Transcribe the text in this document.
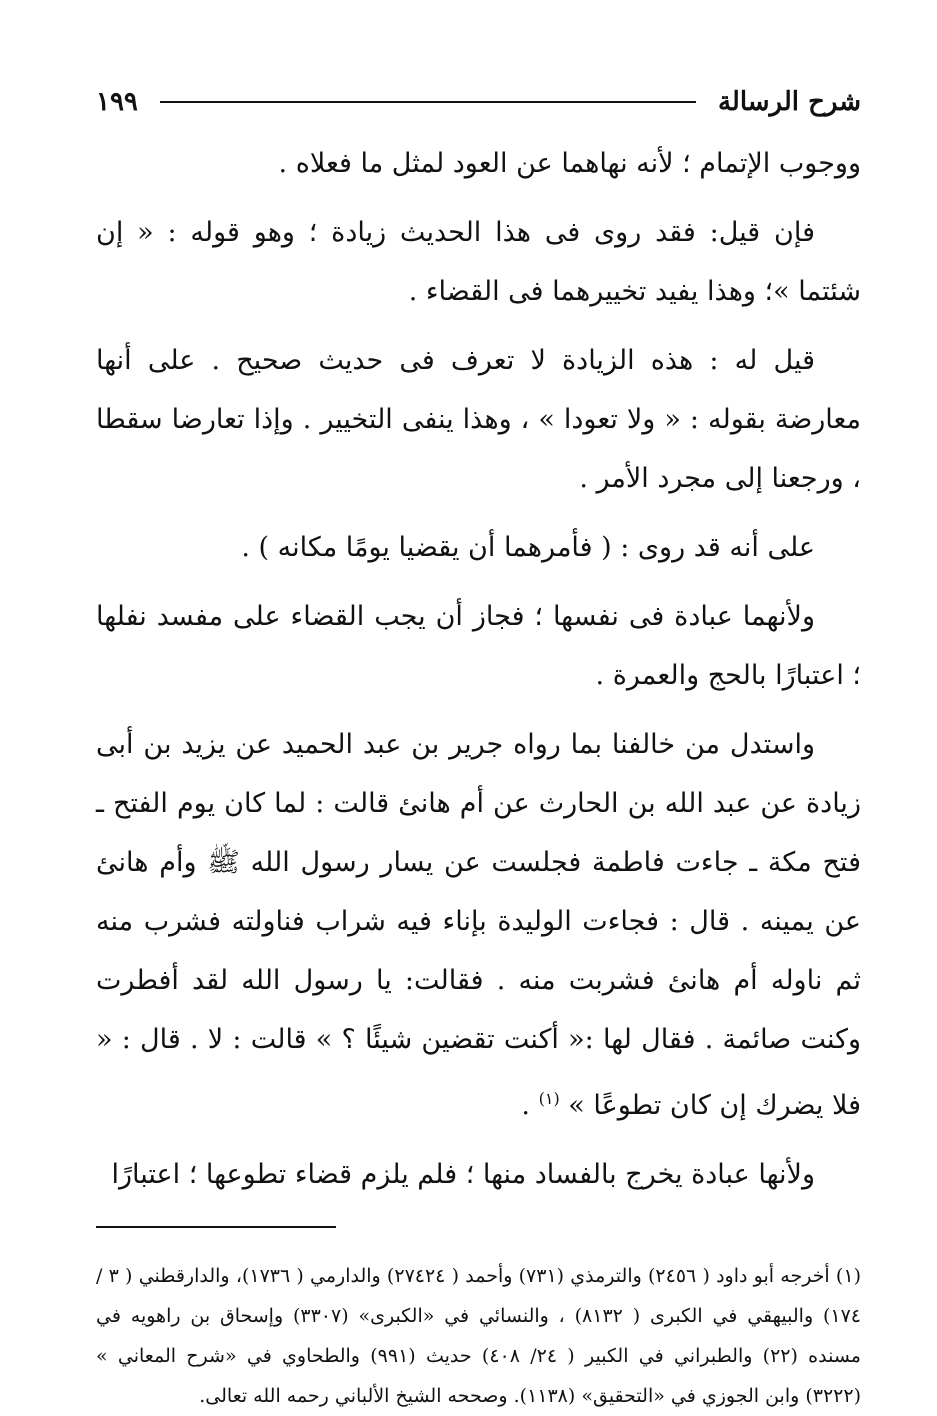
شرح الرسالة
١٩٩

ووجوب الإتمام ؛ لأنه نهاهما عن العود لمثل ما فعلاه .

فإن قيل: فقد روى فى هذا الحديث زيادة ؛ وهو قوله : « إن شئتما »؛ وهذا يفيد تخييرهما فى القضاء .

قيل له : هذه الزيادة لا تعرف فى حديث صحيح . على أنها معارضة بقوله : « ولا تعودا » ، وهذا ينفى التخيير . وإذا تعارضا سقطا ، ورجعنا إلى مجرد الأمر .

على أنه قد روى : ( فأمرهما أن يقضيا يومًا مكانه ) .

ولأنهما عبادة فى نفسها ؛ فجاز أن يجب القضاء على مفسد نفلها ؛ اعتبارًا بالحج والعمرة .

واستدل من خالفنا بما رواه جرير بن عبد الحميد عن يزيد بن أبى زيادة عن عبد الله بن الحارث عن أم هانئ قالت : لما كان يوم الفتح ـ فتح مكة ـ جاءت فاطمة فجلست عن يسار رسول الله ﷺ وأم هانئ عن يمينه . قال : فجاءت الوليدة بإناء فيه شراب فناولته فشرب منه ثم ناوله أم هانئ فشربت منه . فقالت: يا رسول الله لقد أفطرت وكنت صائمة . فقال لها :« أكنت تقضين شيئًا ؟ » قالت : لا . قال : « فلا يضرك إن كان تطوعًا » $^{(١)}$ .

ولأنها عبادة يخرج بالفساد منها ؛ فلم يلزم قضاء تطوعها ؛ اعتبارًا

(١) أخرجه أبو داود ( ٢٤٥٦) والترمذي (٧٣١) وأحمد ( ٢٧٤٢٤) والدارمي ( ١٧٣٦)، والدارقطني ( ٣ / ١٧٤) والبيهقي في الكبرى ( ٨١٣٢) ، والنسائي في «الكبرى» (٣٣٠٧) وإسحاق بن راهويه في مسنده (٢٢) والطبراني في الكبير ( ٢٤/ ٤٠٨) حديث (٩٩١) والطحاوي في «شرح المعاني » (٣٢٢٢) وابن الجوزي في «التحقيق» (١١٣٨). وصححه الشيخ الألباني رحمه الله تعالى.
